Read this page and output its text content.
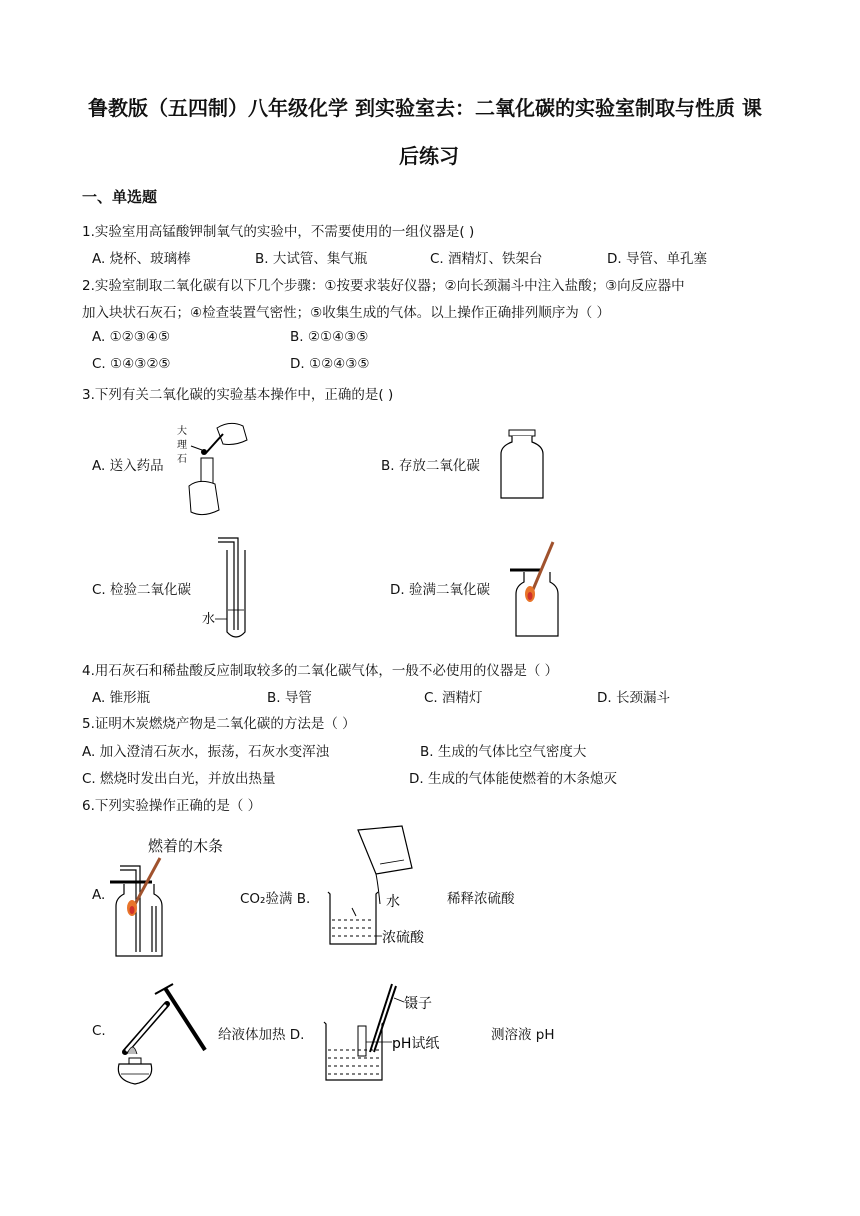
鲁教版（五四制）八年级化学 到实验室去：二氧化碳的实验室制取与性质 课
后练习
一、单选题
1.实验室用高锰酸钾制氧气的实验中，不需要使用的一组仪器是( )
A. 烧杯、玻璃棒	B. 大试管、集气瓶	C. 酒精灯、铁架台	D. 导管、单孔塞
2.实验室制取二氧化碳有以下几个步骤：①按要求装好仪器；②向长颈漏斗中注入盐酸；③向反应器中
加入块状石灰石；④检查装置气密性；⑤收集生成的气体。以上操作正确排列顺序为（ ）
A. ①②③④⑤	B. ②①④③⑤
C. ①④③②⑤	D. ①②④③⑤
3.下列有关二氧化碳的实验基本操作中，正确的是( )
A. 送入药品	B. 存放二氧化碳
C. 检验二氧化碳	D. 验满二氧化碳
大
理
石
水
4.用石灰石和稀盐酸反应制取较多的二氧化碳气体，一般不必使用的仪器是（ ）
A. 锥形瓶	B. 导管	C. 酒精灯	D. 长颈漏斗
5.证明木炭燃烧产物是二氧化碳的方法是（ ）
A. 加入澄清石灰水，振荡，石灰水变浑浊	B. 生成的气体比空气密度大
C. 燃烧时发出白光，并放出热量	D. 生成的气体能使燃着的木条熄灭
6.下列实验操作正确的是（ ）
燃着的木条
A.	CO₂验满 B.	稀释浓硫酸
C.	给液体加热 D.	测溶液 pH
水
浓硫酸
镊子
pH试纸
